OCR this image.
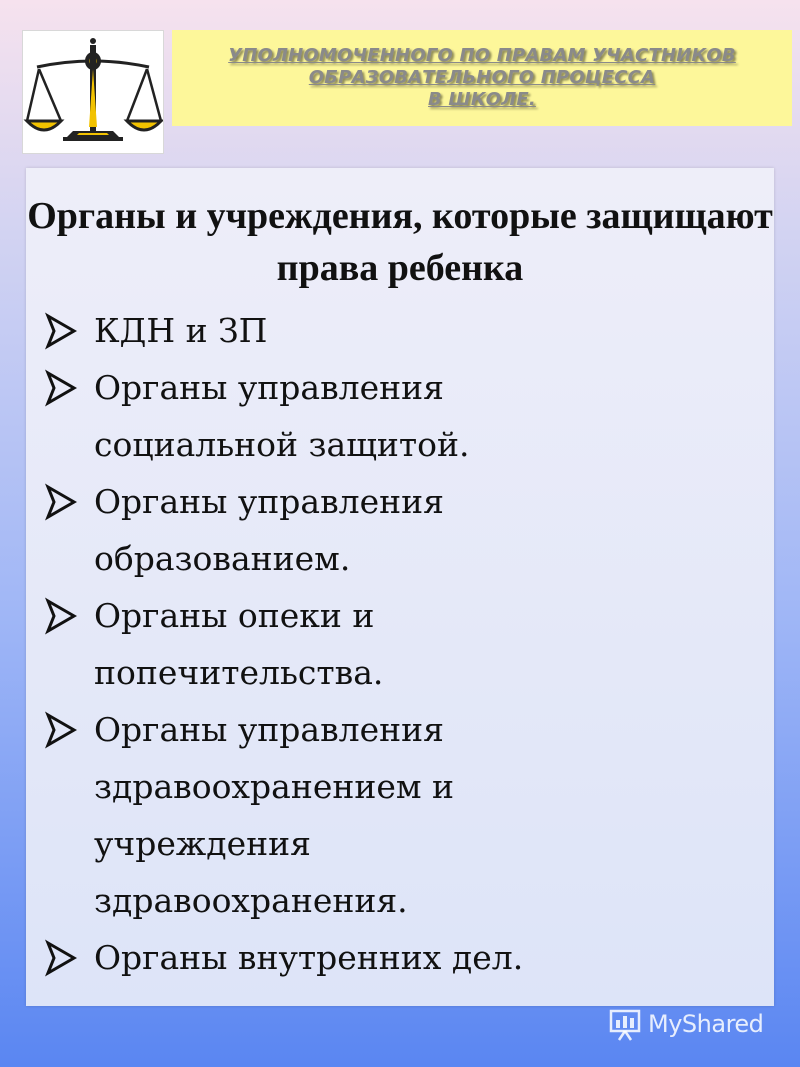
УПОЛНОМОЧЕННОГО ПО ПРАВАМ УЧАСТНИКОВ
ОБРАЗОВАТЕЛЬНОГО ПРОЦЕССА
В ШКОЛЕ.
Органы и учреждения, которые защищают права ребенка
КДН и ЗП
Органы управления
социальной защитой.
Органы управления
образованием.
Органы опеки и
попечительства.
Органы управления
здравоохранением и
учреждения
здравоохранения.
Органы внутренних дел.
MyShared
